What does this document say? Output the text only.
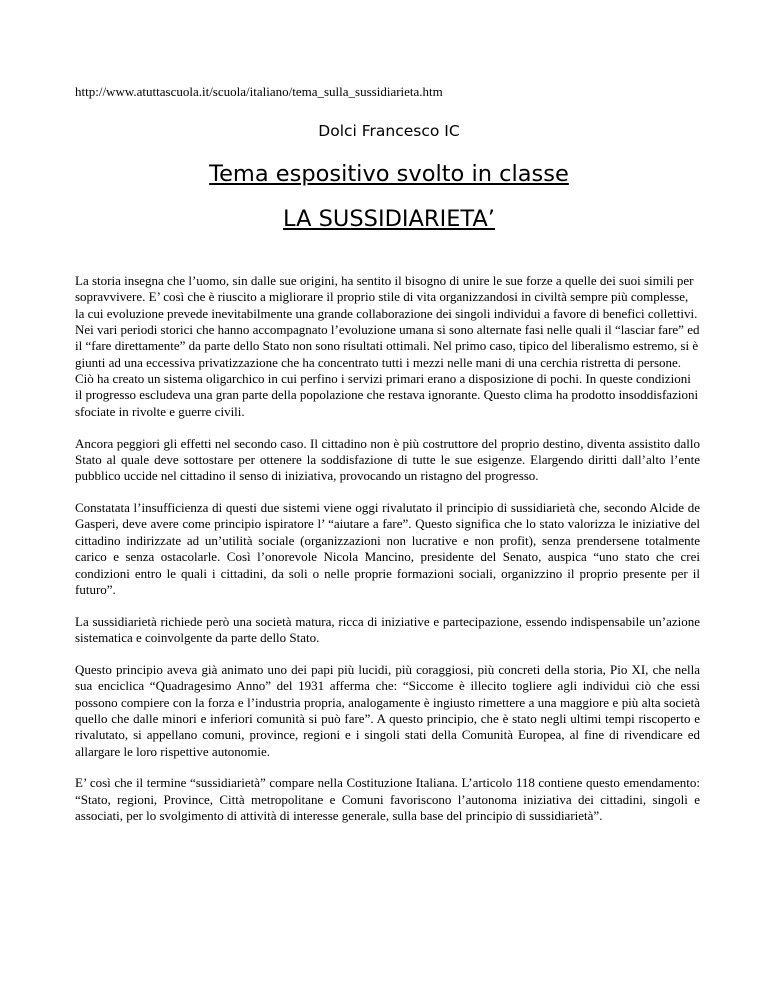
http://www.atuttascuola.it/scuola/italiano/tema_sulla_sussidiarieta.htm
Dolci Francesco IC
Tema espositivo svolto in classe
LA SUSSIDIARIETA’

La storia insegna che l’uomo, sin dalle sue origini, ha sentito il bisogno di unire le sue forze a quelle dei suoi simili per sopravvivere. E’ così che è riuscito a migliorare il proprio stile di vita organizzandosi in civiltà sempre più complesse, la cui evoluzione prevede inevitabilmente una grande collaborazione dei singoli individui a favore di benefici collettivi.
Nei vari periodi storici che hanno accompagnato l’evoluzione umana si sono alternate fasi nelle quali il “lasciar fare” ed il “fare direttamente” da parte dello Stato non sono risultati ottimali. Nel primo caso, tipico del liberalismo estremo, si è giunti ad una eccessiva privatizzazione che ha concentrato tutti i mezzi nelle mani di una cerchia ristretta di persone. Ciò ha creato un sistema oligarchico in cui perfino i servizi primari erano a disposizione di pochi. In queste condizioni il progresso escludeva una gran parte della popolazione che restava ignorante. Questo clima ha prodotto insoddisfazioni sfociate in rivolte e guerre civili.

Ancora peggiori gli effetti nel secondo caso. Il cittadino non è più costruttore del proprio destino, diventa assistito dallo Stato al quale deve sottostare per ottenere la soddisfazione di tutte le sue esigenze. Elargendo diritti dall’alto l’ente pubblico uccide nel cittadino il senso di iniziativa, provocando un ristagno del progresso.

Constatata l’insufficienza di questi due sistemi viene oggi rivalutato il principio di sussidiarietà che, secondo Alcide de Gasperi, deve avere come principio ispiratore l’ “aiutare a fare”. Questo significa che lo stato valorizza le iniziative del cittadino indirizzate ad un’utilità sociale (organizzazioni non lucrative e non profit), senza prendersene totalmente carico e senza ostacolarle. Così l’onorevole Nicola Mancino, presidente del Senato, auspica “uno stato che crei condizioni entro le quali i cittadini, da soli o nelle proprie formazioni sociali, organizzino il proprio presente per il futuro”.

La sussidiarietà richiede però una società matura, ricca di iniziative e partecipazione, essendo indispensabile un’azione sistematica e coinvolgente da parte dello Stato.

Questo principio aveva già animato uno dei papi più lucidi, più coraggiosi, più concreti della storia, Pio XI, che nella sua enciclica “Quadragesimo Anno” del 1931 afferma che: “Siccome è illecito togliere agli individui ciò che essi possono compiere con la forza e l’industria propria, analogamente è ingiusto rimettere a una maggiore e più alta società quello che dalle minori e inferiori comunità si può fare”. A questo principio, che è stato negli ultimi tempi riscoperto e rivalutato, si appellano comuni, province, regioni e i singoli stati della Comunità Europea, al fine di rivendicare ed allargare le loro rispettive autonomie.

E’ così che il termine “sussidiarietà” compare nella Costituzione Italiana. L’articolo 118 contiene questo emendamento: “Stato, regioni, Province, Città metropolitane e Comuni favoriscono l’autonoma iniziativa dei cittadini, singoli e associati, per lo svolgimento di attività di interesse generale, sulla base del principio di sussidiarietà”.
